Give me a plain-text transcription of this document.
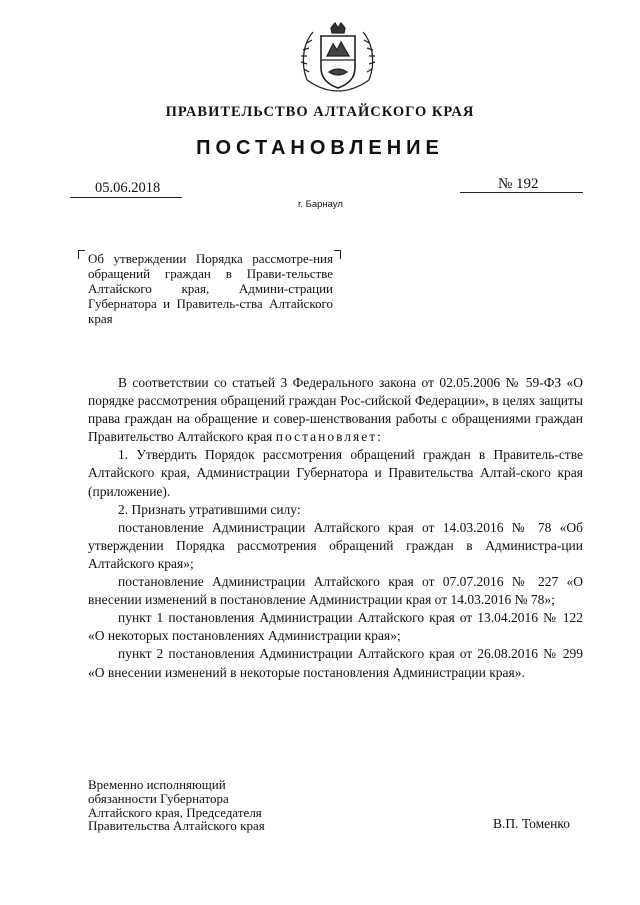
ПРАВИТЕЛЬСТВО АЛТАЙСКОГО КРАЯ
ПОСТАНОВЛЕНИЕ
05.06.2018	№ 192
г. Барнаул
Об утверждении Порядка рассмотре-ния обращений граждан в Прави-тельстве Алтайского края, Админи-страции Губернатора и Правитель-ства Алтайского края

В соответствии со статьей 3 Федерального закона от 02.05.2006 № 59-ФЗ «О порядке рассмотрения обращений граждан Рос-сийской Федерации», в целях защиты права граждан на обращение и совер-шенствования работы с обращениями граждан Правительство Алтайского края постановляет:

1. Утвердить Порядок рассмотрения обращений граждан в Правитель-стве Алтайского края, Администрации Губернатора и Правительства Алтай-ского края (приложение).

2. Признать утратившими силу:

постановление Администрации Алтайского края от 14.03.2016 № 78 «Об утверждении Порядка рассмотрения обращений граждан в Администра-ции Алтайского края»;

постановление Администрации Алтайского края от 07.07.2016 № 227 «О внесении изменений в постановление Администрации края от 14.03.2016 № 78»;

пункт 1 постановления Администрации Алтайского края от 13.04.2016 № 122 «О некоторых постановлениях Администрации края»;

пункт 2 постановления Администрации Алтайского края от 26.08.2016 № 299 «О внесении изменений в некоторые постановления Администрации края».

Временно исполняющий
обязанности Губернатора
Алтайского края, Председателя
Правительства Алтайского края	В.П. Томенко
